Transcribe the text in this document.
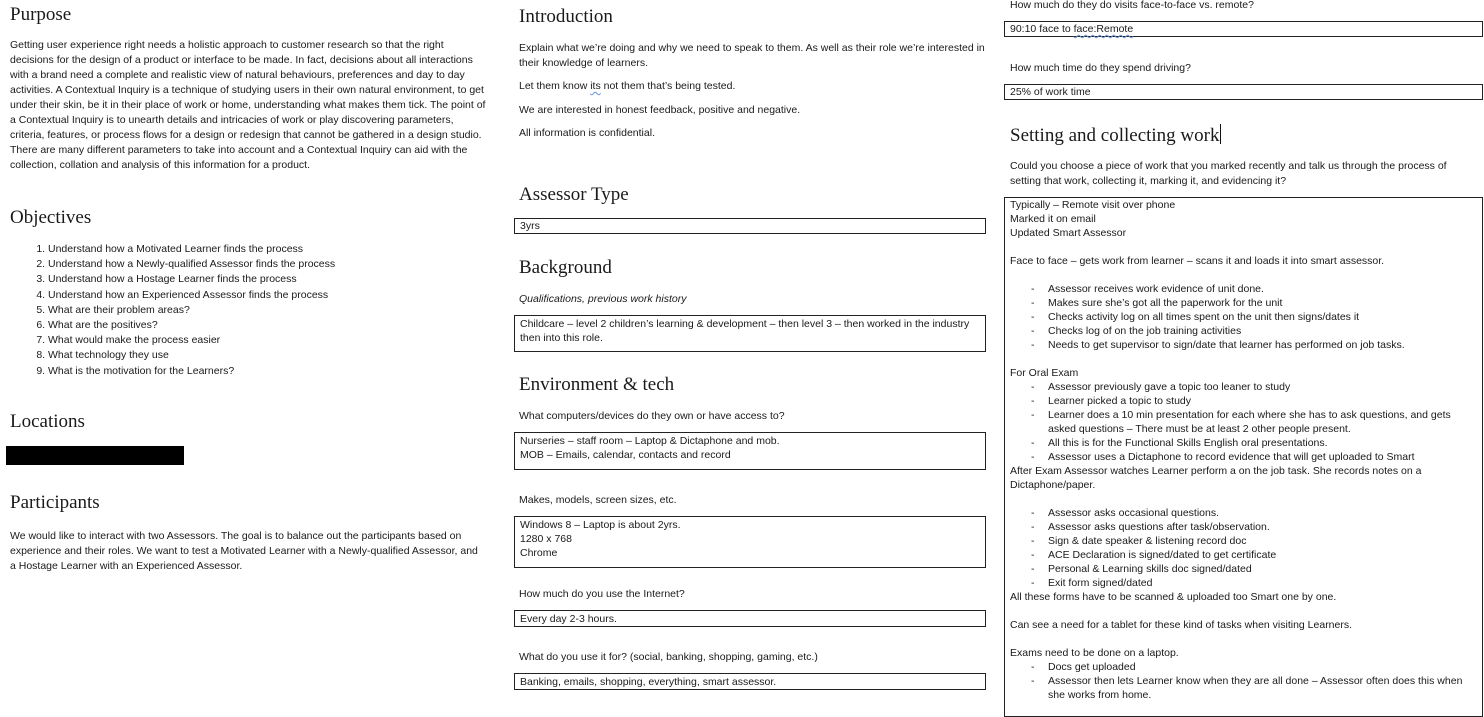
Purpose

Getting user experience right needs a holistic approach to customer research so that the right decisions for the design of a product or interface to be made. In fact, decisions about all interactions with a brand need a complete and realistic view of natural behaviours, preferences and day to day activities. A Contextual Inquiry is a technique of studying users in their own natural environment, to get under their skin, be it in their place of work or home, understanding what makes them tick. The point of a Contextual Inquiry is to unearth details and intricacies of work or play discovering parameters, criteria, features, or process flows for a design or redesign that cannot be gathered in a design studio. There are many different parameters to take into account and a Contextual Inquiry can aid with the collection, collation and analysis of this information for a product.

Objectives
1. Understand how a Motivated Learner finds the process
2. Understand how a Newly-qualified Assessor finds the process
3. Understand how a Hostage Learner finds the process
4. Understand how an Experienced Assessor finds the process
5. What are their problem areas?
6. What are the positives?
7. What would make the process easier
8. What technology they use
9. What is the motivation for the Learners?
Locations
Participants

We would like to interact with two Assessors. The goal is to balance out the participants based on experience and their roles. We want to test a Motivated Learner with a Newly-qualified Assessor, and a Hostage Learner with an Experienced Assessor.

Introduction

Explain what we’re doing and why we need to speak to them. As well as their role we’re interested in their knowledge of learners.

Let them know its not them that’s being tested.

We are interested in honest feedback, positive and negative.

All information is confidential.

Assessor Type
3yrs
Background

Qualifications, previous work history

Childcare – level 2 children’s learning & development – then level 3 – then worked in the industry then into this role.
Environment & tech

What computers/devices do they own or have access to?

Nurseries – staff room – Laptop & Dictaphone and mob.
MOB – Emails, calendar, contacts and record

Makes, models, screen sizes, etc.

Windows 8 – Laptop is about 2yrs.
1280 x 768
Chrome

How much do you use the Internet?

Every day 2-3 hours.

What do you use it for? (social, banking, shopping, gaming, etc.)

Banking, emails, shopping, everything, smart assessor.

How much do they do visits face-to-face vs. remote?

90:10 face to face:Remote

How much time do they spend driving?

25% of work time
Setting and collecting work

Could you choose a piece of work that you marked recently and talk us through the process of setting that work, collecting it, marking it, and evidencing it?

Typically – Remote visit over phone
Marked it on email
Updated Smart Assessor
Face to face – gets work from learner – scans it and loads it into smart assessor.
- Assessor receives work evidence of unit done.
- Makes sure she’s got all the paperwork for the unit
- Checks activity log on all times spent on the unit then signs/dates it
- Checks log of on the job training activities
- Needs to get supervisor to sign/date that learner has performed on job tasks.
For Oral Exam
- Assessor previously gave a topic too leaner to study
- Learner picked a topic to study
- Learner does a 10 min presentation for each where she has to ask questions, and gets asked questions – There must be at least 2 other people present.
- All this is for the Functional Skills English oral presentations.
- Assessor uses a Dictaphone to record evidence that will get uploaded to Smart
After Exam Assessor watches Learner perform a on the job task. She records notes on a Dictaphone/paper.
- Assessor asks occasional questions.
- Assessor asks questions after task/observation.
- Sign & date speaker & listening record doc
- ACE Declaration is signed/dated to get certificate
- Personal & Learning skills doc signed/dated
- Exit form signed/dated
All these forms have to be scanned & uploaded too Smart one by one.
Can see a need for a tablet for these kind of tasks when visiting Learners.
Exams need to be done on a laptop.
- Docs get uploaded
- Assessor then lets Learner know when they are all done – Assessor often does this when she works from home.
